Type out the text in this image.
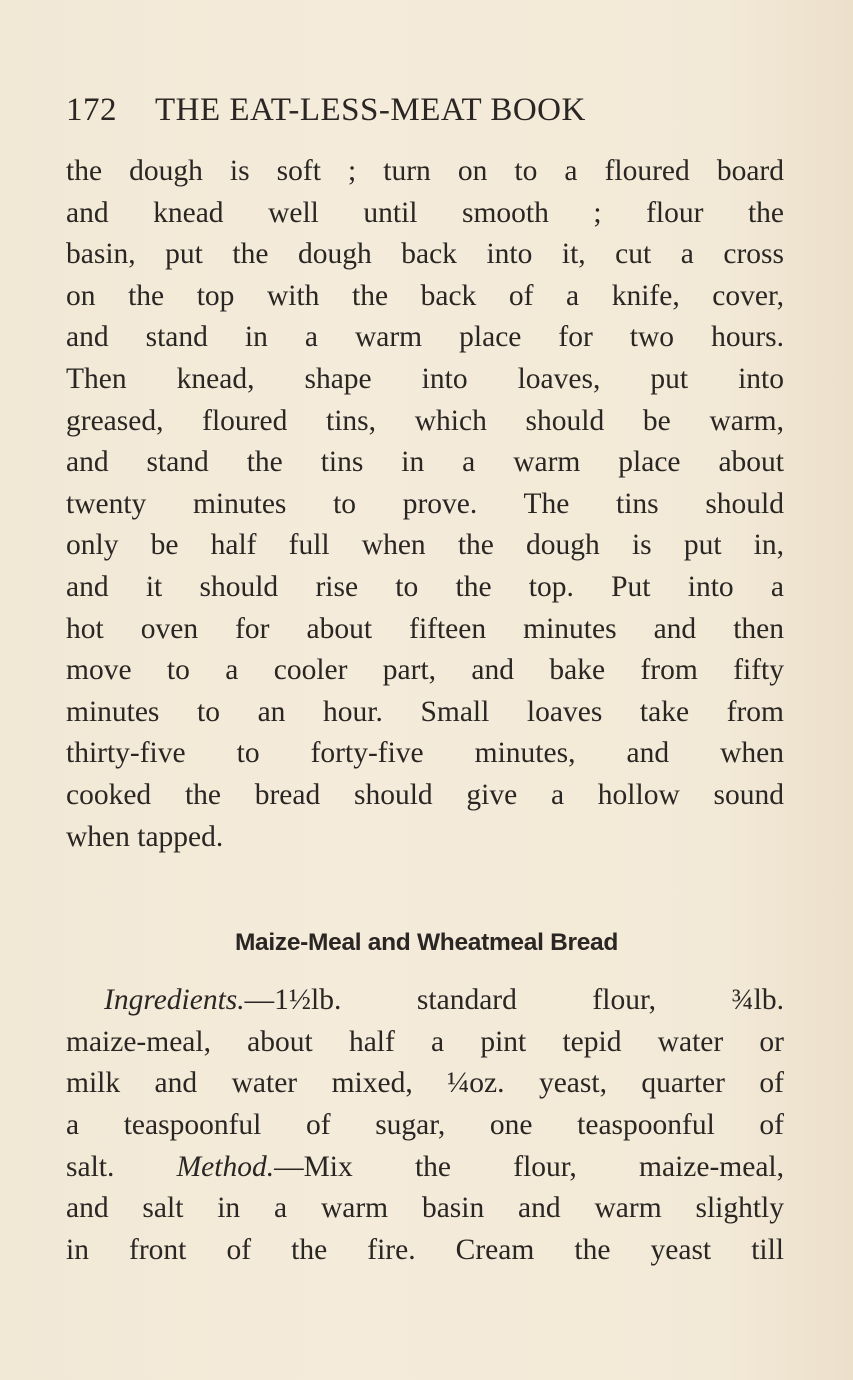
172 THE EAT-LESS-MEAT BOOK
the dough is soft ; turn on to a floured board
and knead well until smooth ; flour the
basin, put the dough back into it, cut a cross
on the top with the back of a knife, cover,
and stand in a warm place for two hours.
Then knead, shape into loaves, put into
greased, floured tins, which should be warm,
and stand the tins in a warm place about
twenty minutes to prove. The tins should
only be half full when the dough is put in,
and it should rise to the top. Put into a
hot oven for about fifteen minutes and then
move to a cooler part, and bake from fifty
minutes to an hour. Small loaves take from
thirty-five to forty-five minutes, and when
cooked the bread should give a hollow sound
when tapped.
Maize-Meal and Wheatmeal Bread
Ingredients.—1½lb. standard flour, ¾lb.
maize-meal, about half a pint tepid water or
milk and water mixed, ¼oz. yeast, quarter of
a teaspoonful of sugar, one teaspoonful of
salt. Method.—Mix the flour, maize-meal,
and salt in a warm basin and warm slightly
in front of the fire. Cream the yeast till
